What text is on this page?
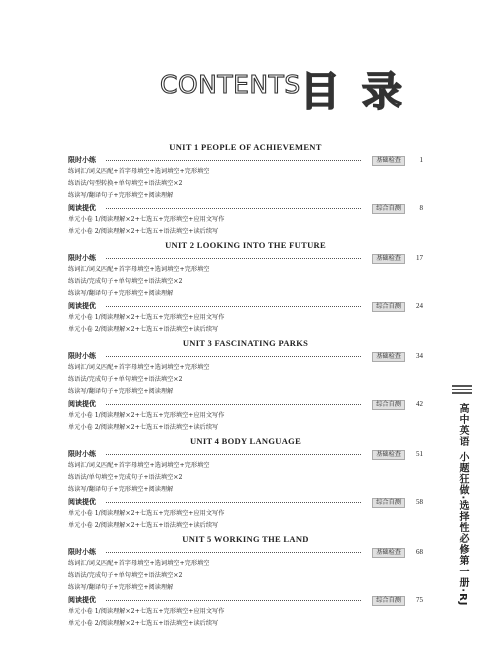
CONTENTS 目 录
UNIT 1 PEOPLE OF ACHIEVEMENT
限时小练	基础检查	1
练词汇/词义匹配+首字母填空+选词填空+完形填空
练语法/句型转换+单句填空+语法填空×2
练读写/翻译句子+完形填空+阅读理解
阅读提优	综合自测	8
单元小卷 1/阅读理解×2+七选五+完形填空+应用文写作
单元小卷 2/阅读理解×2+七选五+语法填空+读后续写
UNIT 2 LOOKING INTO THE FUTURE
限时小练	基础检查	17
练词汇/词义匹配+首字母填空+选词填空+完形填空
练语法/完成句子+单句填空+语法填空×2
练读写/翻译句子+完形填空+阅读理解
阅读提优	综合自测	24
单元小卷 1/阅读理解×2+七选五+完形填空+应用文写作
单元小卷 2/阅读理解×2+七选五+语法填空+读后续写
UNIT 3 FASCINATING PARKS
限时小练	基础检查	34
练词汇/词义匹配+首字母填空+选词填空+完形填空
练语法/完成句子+单句填空+语法填空×2
练读写/翻译句子+完形填空+阅读理解
阅读提优	综合自测	42
单元小卷 1/阅读理解×2+七选五+完形填空+应用文写作
单元小卷 2/阅读理解×2+七选五+语法填空+读后续写
UNIT 4 BODY LANGUAGE
限时小练	基础检查	51
练词汇/词义匹配+首字母填空+选词填空+完形填空
练语法/单句填空+完成句子+语法填空×2
练读写/翻译句子+完形填空+阅读理解
阅读提优	综合自测	58
单元小卷 1/阅读理解×2+七选五+完形填空+应用文写作
单元小卷 2/阅读理解×2+七选五+语法填空+读后续写
UNIT 5 WORKING THE LAND
限时小练	基础检查	68
练词汇/词义匹配+首字母填空+选词填空+完形填空
练语法/完成句子+单句填空+语法填空×2
练读写/翻译句子+完形填空+阅读理解
阅读提优	综合自测	75
单元小卷 1/阅读理解×2+七选五+完形填空+应用文写作
单元小卷 2/阅读理解×2+七选五+语法填空+读后续写
高中英语 小题狂做·选择性必修第一册·RJ
